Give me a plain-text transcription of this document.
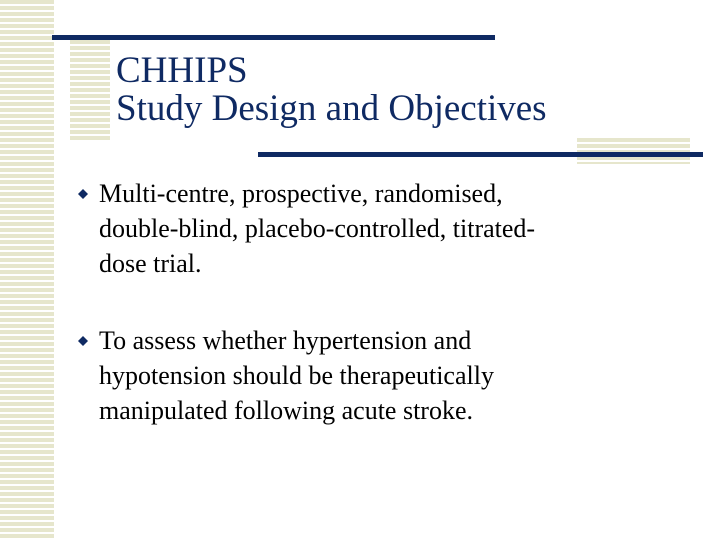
CHHIPS
Study Design and Objectives
Multi-centre, prospective, randomised,
double-blind, placebo-controlled, titrated-
dose trial.
To assess whether hypertension and
hypotension should be therapeutically
manipulated following acute stroke.
